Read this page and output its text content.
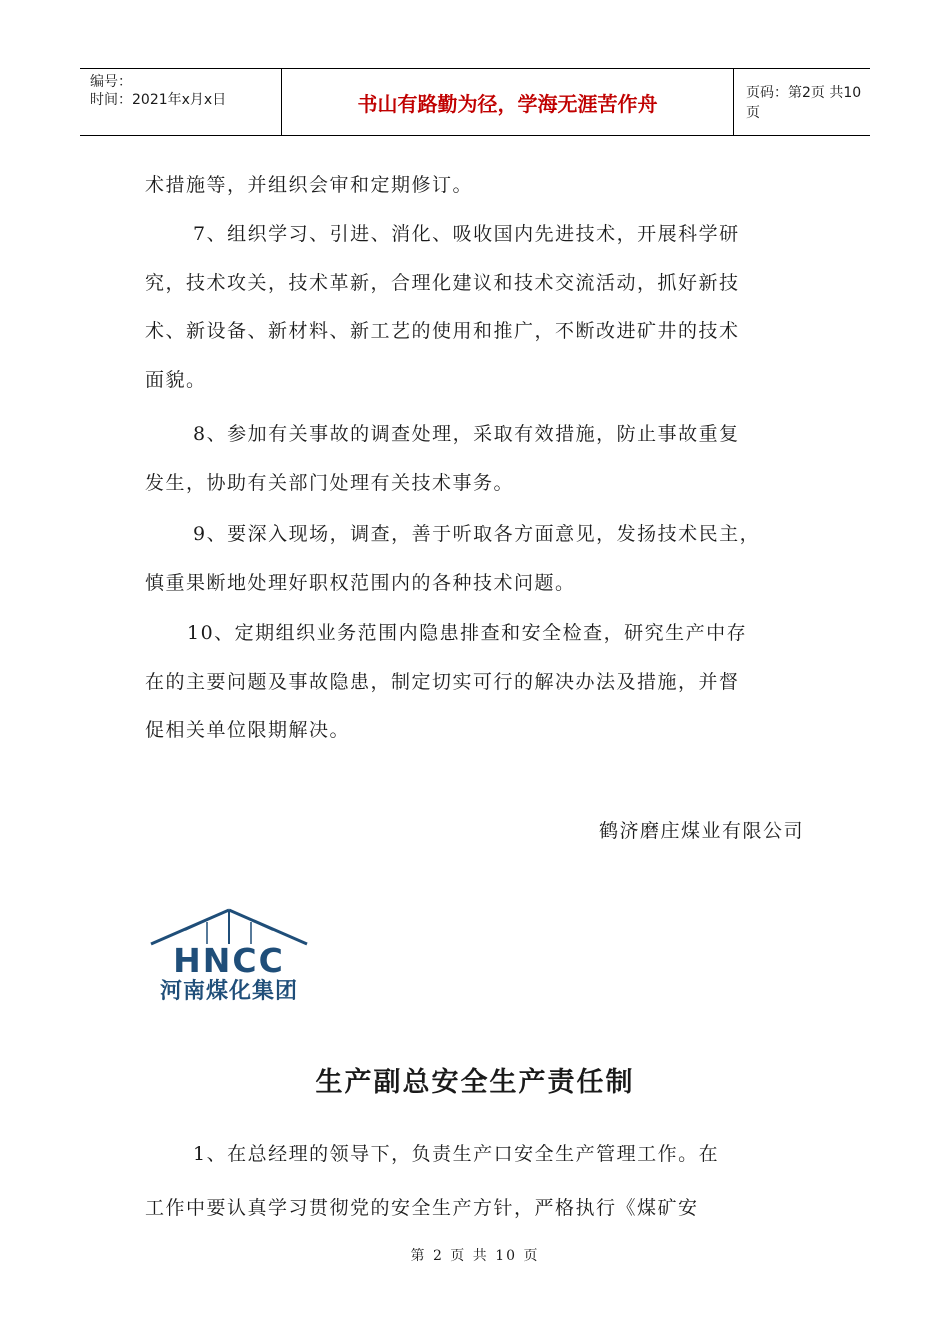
编号：
时间：2021年x月x日	书山有路勤为径，学海无涯苦作舟	页码：第2页 共10页

术措施等，并组织会审和定期修订。

7、组织学习、引进、消化、吸收国内先进技术，开展科学研
究，技术攻关，技术革新，合理化建议和技术交流活动，抓好新技
术、新设备、新材料、新工艺的使用和推广，不断改进矿井的技术
面貌。

8、参加有关事故的调查处理，采取有效措施，防止事故重复
发生，协助有关部门处理有关技术事务。

9、要深入现场，调查，善于听取各方面意见，发扬技术民主，
慎重果断地处理好职权范围内的各种技术问题。

10、定期组织业务范围内隐患排查和安全检查，研究生产中存
在的主要问题及事故隐患，制定切实可行的解决办法及措施，并督
促相关单位限期解决。

鹤济磨庄煤业有限公司
HNCC
河南煤化集团
生产副总安全生产责任制

1、在总经理的领导下，负责生产口安全生产管理工作。在
工作中要认真学习贯彻党的安全生产方针，严格执行《煤矿安

第 2 页 共 10 页
